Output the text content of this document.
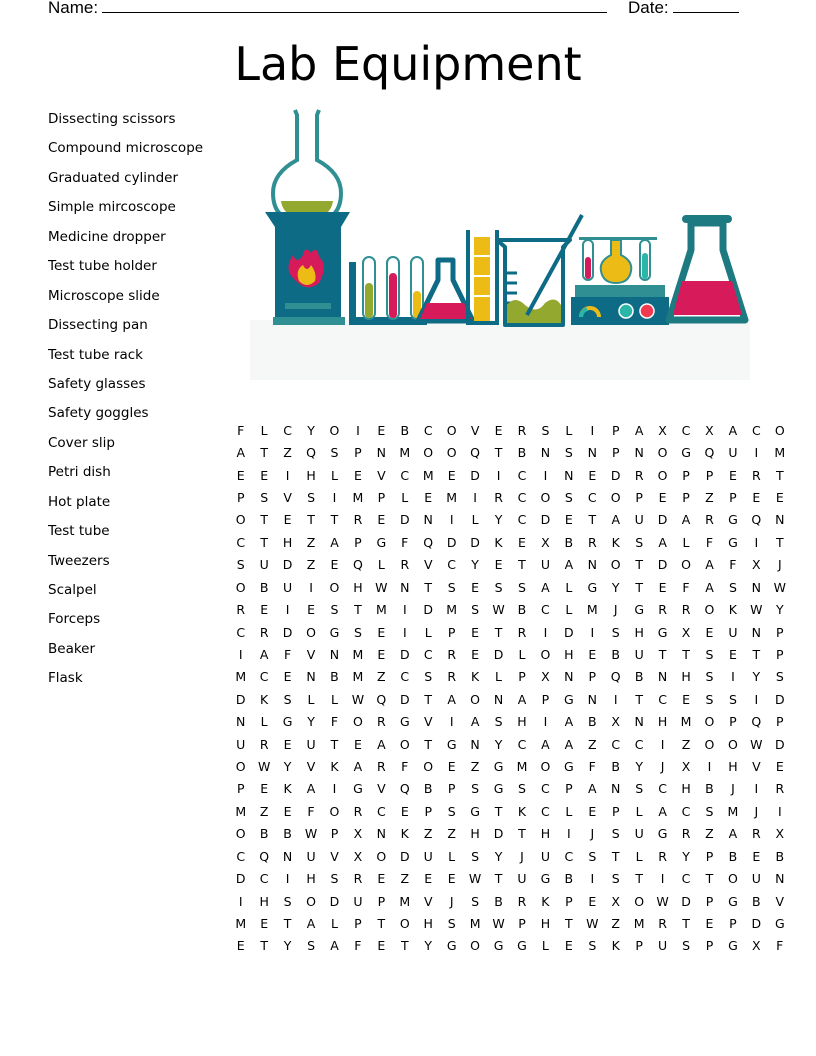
Name:	Date:
Lab Equipment
Dissecting scissors
Compound microscope
Graduated cylinder
Simple mircoscope
Medicine dropper
Test tube holder
Microscope slide
Dissecting pan
Test tube rack
Safety glasses
Safety goggles
Cover slip
Petri dish
Hot plate
Test tube
Tweezers
Scalpel
Forceps
Beaker
Flask
F	L	C	Y	O	I	E	B	C	O	V	E	R	S	L	I	P	A	X	C	X	A	C	O
A	T	Z	Q	S	P	N	M	O	O	Q	T	B	N	S	N	P	N	O	G	Q	U	I	M
E	E	I	H	L	E	V	C	M	E	D	I	C	I	N	E	D	R	O	P	P	E	R	T
P	S	V	S	I	M	P	L	E	M	I	R	C	O	S	C	O	P	E	P	Z	P	E	E
O	T	E	T	T	R	E	D	N	I	L	Y	C	D	E	T	A	U	D	A	R	G	Q	N
C	T	H	Z	A	P	G	F	Q	D	D	K	E	X	B	R	K	S	A	L	F	G	I	T
S	U	D	Z	E	Q	L	R	V	C	Y	E	T	U	A	N	O	T	D	O	A	F	X	J
O	B	U	I	O	H	W	N	T	S	E	S	S	A	L	G	Y	T	E	F	A	S	N	W
R	E	I	E	S	T	M	I	D	M	S	W	B	C	L	M	J	G	R	R	O	K	W	Y
C	R	D	O	G	S	E	I	L	P	E	T	R	I	D	I	S	H	G	X	E	U	N	P
I	A	F	V	N	M	E	D	C	R	E	D	L	O	H	E	B	U	T	T	S	E	T	P
M	C	E	N	B	M	Z	C	S	R	K	L	P	X	N	P	Q	B	N	H	S	I	Y	S
D	K	S	L	L	W	Q	D	T	A	O	N	A	P	G	N	I	T	C	E	S	S	I	D
N	L	G	Y	F	O	R	G	V	I	A	S	H	I	A	B	X	N	H	M	O	P	Q	P
U	R	E	U	T	E	A	O	T	G	N	Y	C	A	A	Z	C	C	I	Z	O	O	W	D
O	W	Y	V	K	A	R	F	O	E	Z	G	M	O	G	F	B	Y	J	X	I	H	V	E
P	E	K	A	I	G	V	Q	B	P	S	G	S	C	P	A	N	S	C	H	B	J	I	R
M	Z	E	F	O	R	C	E	P	S	G	T	K	C	L	E	P	L	A	C	S	M	J	I
O	B	B	W	P	X	N	K	Z	Z	H	D	T	H	I	J	S	U	G	R	Z	A	R	X
C	Q	N	U	V	X	O	D	U	L	S	Y	J	U	C	S	T	L	R	Y	P	B	E	B
D	C	I	H	S	R	E	Z	E	E	W	T	U	G	B	I	S	T	I	C	T	O	U	N
I	H	S	O	D	U	P	M	V	J	S	B	R	K	P	E	X	O	W	D	P	G	B	V
M	E	T	A	L	P	T	O	H	S	M	W	P	H	T	W	Z	M	R	T	E	P	D	G
E	T	Y	S	A	F	E	T	Y	G	O	G	G	L	E	S	K	P	U	S	P	G	X	F
